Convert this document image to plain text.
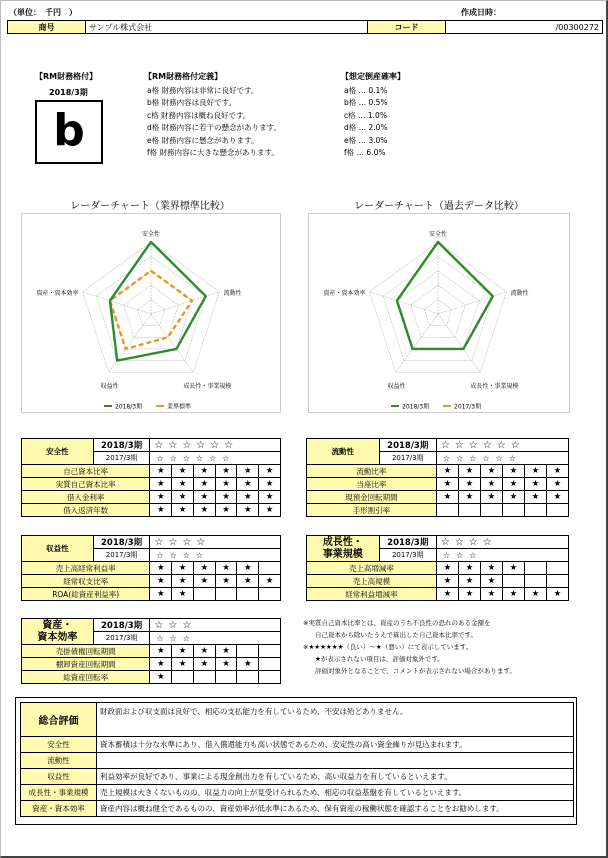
（単位：　千円　）	作成日時：
商号	サンプル株式会社	コード	/00300272
【RM財務格付】
2018/3期
b
【RM財務格付定義】
a格 財務内容は非常に良好です。
b格 財務内容は良好です。
c格 財務内容は概ね良好です。
d格 財務内容に若干の懸念があります。
e格 財務内容に懸念があります。
f格 財務内容に大きな懸念があります。
【想定倒産確率】
a格 … 0.1%
b格 … 0.5%
c格 … 1.0%
d格 … 2.0%
e格 … 3.0%
f格 … 6.0%
レーダーチャート（業界標準比較）	レーダーチャート（過去データ比較）
安全性
流動性
成長性・事業規模
収益性
資産・資本効率
2018/3期	業界標準
安全性
流動性
成長性・事業規模
収益性
資産・資本効率
2018/3期	2017/3期
安全性	2018/3期	☆☆☆☆☆☆					
	2017/3期	☆☆☆☆☆☆					
自己資本比率		★	★	★	★	★	★
実質自己資本比率		★	★	★	★	★	★
借入金利率		★	★	★	★	★	★
借入返済年数		★	★	★	★	★	★
流動性	2018/3期	☆☆☆☆☆☆					
	2017/3期	☆☆☆☆☆☆					
流動比率		★	★	★	★	★	★
当座比率		★	★	★	★	★	★
現預金回転期間		★	★	★	★	★	★
手形割引率							
収益性	2018/3期	☆☆☆☆					
	2017/3期	☆☆☆☆					
売上高経常利益率		★	★	★	★	★	
経常収支比率		★	★	★	★	★	★
ROA(総資産利益率)		★	★				
成長性・
事業規模	2018/3期	☆☆☆☆					
	2017/3期	☆☆☆					
売上高増減率		★	★	★	★		
売上高規模		★	★	★			
経常利益増減率		★	★	★	★	★	★
資産・
資本効率	2018/3期	☆☆☆					
	2017/3期	☆☆☆					
売掛債権回転期間		★	★	★	★		
棚卸資産回転期間		★	★	★	★	★	
総資産回転率		★					
※実質自己資本比率とは、資産のうち不良性の恐れのある金額を
自己資本から除いたうえで算出した自己資本比率です。
※★★★★★★（良い）～★（悪い）にて表示しています。
★が表示されない項目は、評価対象外です。
評価対象外となることで、コメントが表示されない場合があります。
総合評価	財政面および収支面は良好で、相応の支払能力を有しているため、不安は殆どありません。
安全性	資本蓄積は十分な水準にあり、借入償還能力も高い状態であるため、安定性の高い資金繰りが見込まれます。
流動性	
収益性	利益効率が良好であり、事業による現金創出力を有しているため、高い収益力を有しているといえます。
成長性・事業規模	売上規模は大きくないものの、収益力の向上が見受けられるため、相応の収益基盤を有しているといえます。
資産・資本効率	資産内容は概ね健全であるものの、資産効率が低水準にあるため、保有資産の稼働状態を確認することをお勧めします。
